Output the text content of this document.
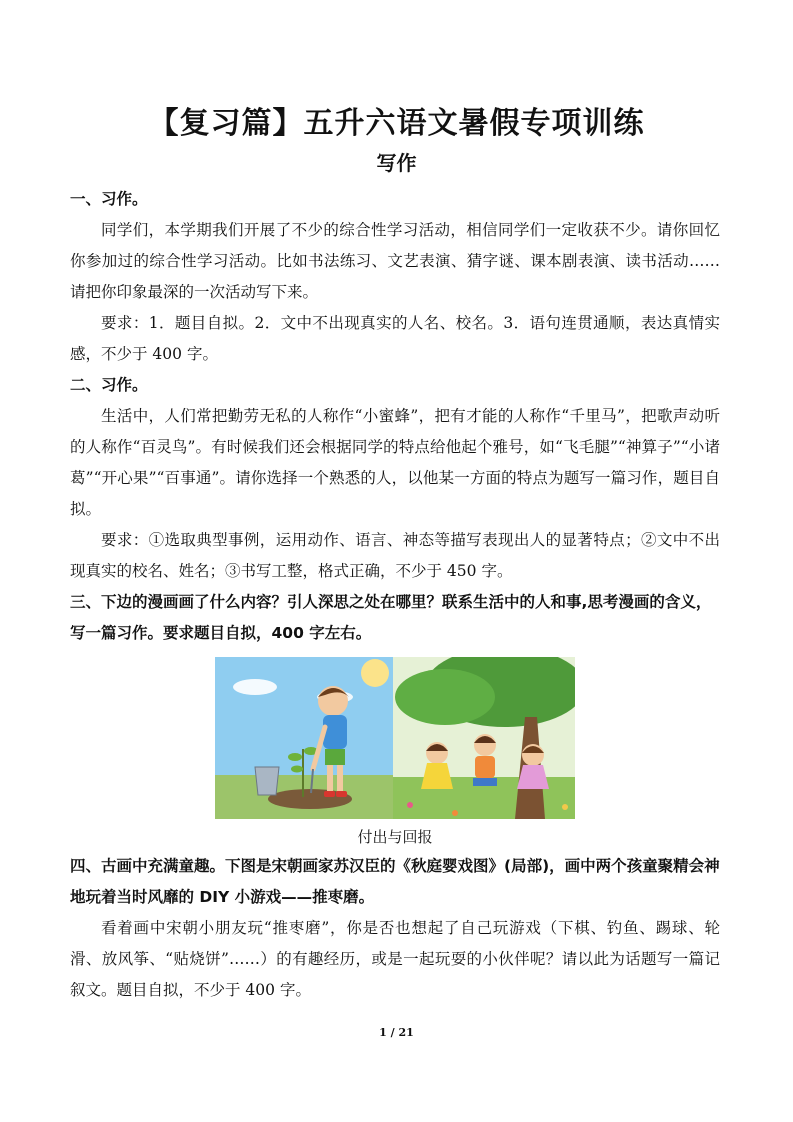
【复习篇】五升六语文暑假专项训练
写作

一、习作。

同学们，本学期我们开展了不少的综合性学习活动，相信同学们一定收获不少。请你回忆你参加过的综合性学习活动。比如书法练习、文艺表演、猜字谜、课本剧表演、读书活动……请把你印象最深的一次活动写下来。

要求：1．题目自拟。2．文中不出现真实的人名、校名。3．语句连贯通顺，表达真情实感，不少于 400 字。

二、习作。

生活中，人们常把勤劳无私的人称作“小蜜蜂”，把有才能的人称作“千里马”，把歌声动听的人称作“百灵鸟”。有时候我们还会根据同学的特点给他起个雅号，如“飞毛腿”“神算子”“小诸葛”“开心果”“百事通”。请你选择一个熟悉的人，以他某一方面的特点为题写一篇习作，题目自拟。

要求：①选取典型事例，运用动作、语言、神态等描写表现出人的显著特点；②文中不出现真实的校名、姓名；③书写工整，格式正确，不少于 450 字。

三、下边的漫画画了什么内容？引人深思之处在哪里？联系生活中的人和事,思考漫画的含义，写一篇习作。要求题目自拟，400 字左右。

付出与回报

四、古画中充满童趣。下图是宋朝画家苏汉臣的《秋庭婴戏图》(局部)，画中两个孩童聚精会神地玩着当时风靡的 DIY 小游戏——推枣磨。

看着画中宋朝小朋友玩“推枣磨”，你是否也想起了自己玩游戏（下棋、钓鱼、踢球、轮滑、放风筝、“贴烧饼”……）的有趣经历，或是一起玩耍的小伙伴呢？请以此为话题写一篇记叙文。题目自拟，不少于 400 字。

1 / 21
